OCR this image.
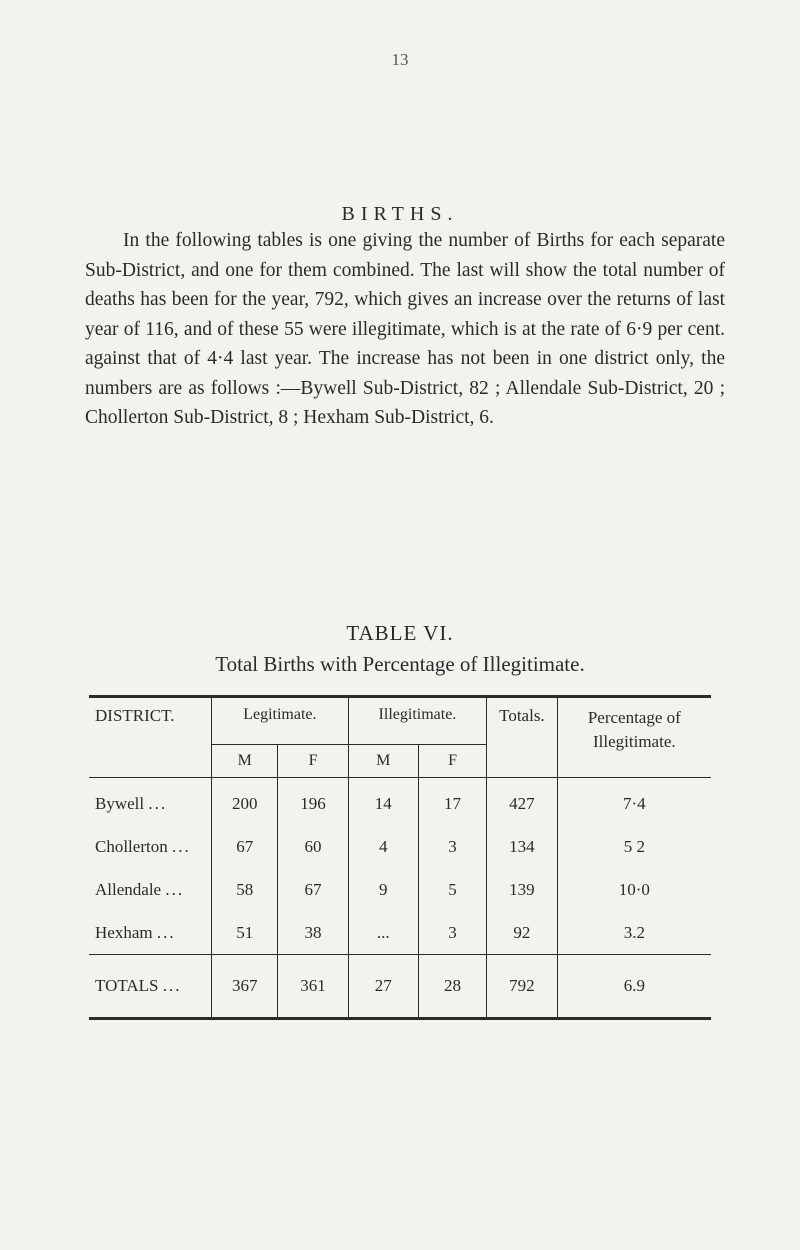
13
BIRTHS.

In the following tables is one giving the number of Births for each separate Sub-District, and one for them combined. The last will show the total number of deaths has been for the year, 792, which gives an increase over the returns of last year of 116, and of these 55 were illegitimate, which is at the rate of 6·9 per cent. against that of 4·4 last year. The increase has not been in one district only, the numbers are as follows :—Bywell Sub-District, 82 ; Allendale Sub-District, 20 ; Chollerton Sub-District, 8 ; Hexham Sub-District, 6.

TABLE VI.
Total Births with Percentage of Illegitimate.
DISTRICT.	Legitimate.		Illegitimate.		Totals.	Percentage of Illegitimate.
	M	F	M	F		
Bywell ...	200	196	14	17	427	7·4
Chollerton ...	67	60	4	3	134	5 2
Allendale ...	58	67	9	5	139	10·0
Hexham ...	51	38	...	3	92	3.2
TOTALS ...	367	361	27	28	792	6.9
